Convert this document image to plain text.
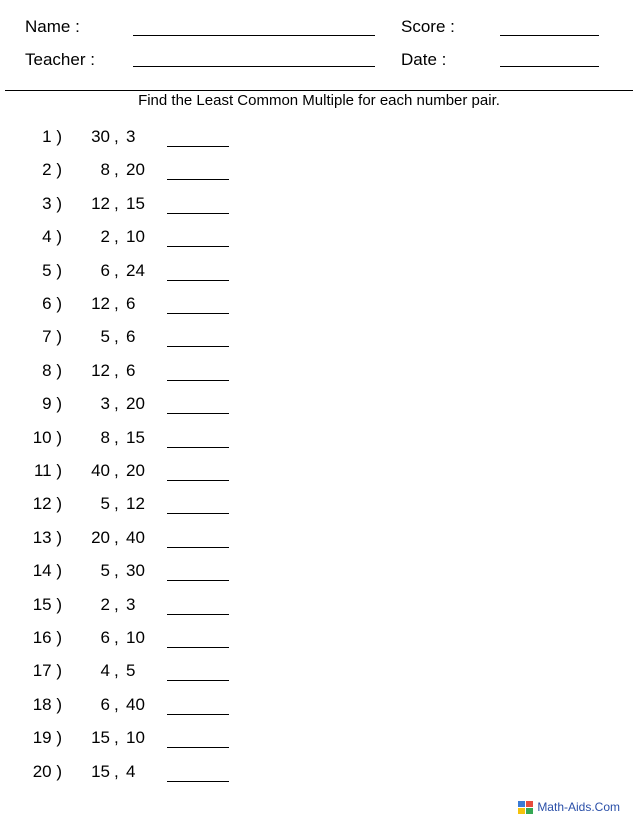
Name :	Score :
Teacher :	Date :
Find the Least Common Multiple for each number pair.
1 )	30 , 3
2 )	8 , 20
3 )	12 , 15
4 )	2 , 10
5 )	6 , 24
6 )	12 , 6
7 )	5 , 6
8 )	12 , 6
9 )	3 , 20
10 )	8 , 15
11 )	40 , 20
12 )	5 , 12
13 )	20 , 40
14 )	5 , 30
15 )	2 , 3
16 )	6 , 10
17 )	4 , 5
18 )	6 , 40
19 )	15 , 10
20 )	15 , 4
Math-Aids.Com
